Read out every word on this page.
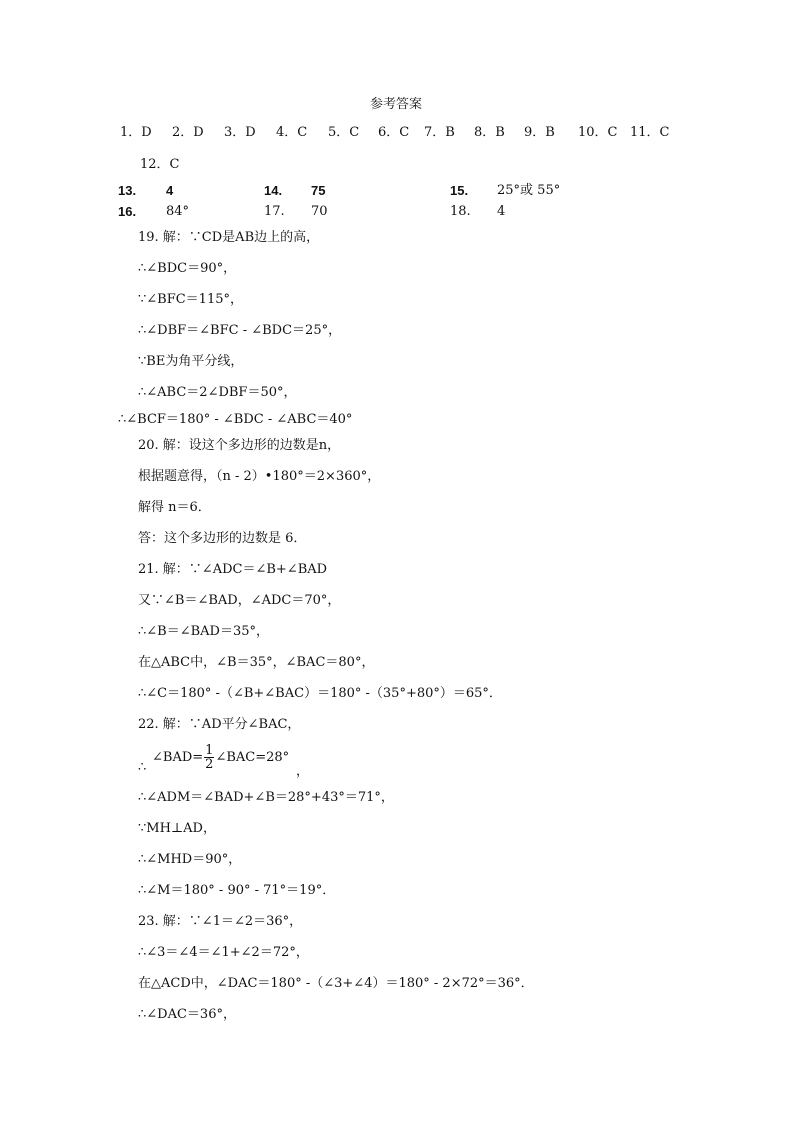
参考答案
1．D 2．D 3．D 4．C 5．C 6．C 7．B 8．B 9．B 10．C 11．C
12．C
13. 4	14. 75	15. 25°或 55°
16. 84°	17. 70	18. 4
19. 解：∵CD是AB边上的高，
∴∠BDC＝90°，
∵∠BFC＝115°，
∴∠DBF＝∠BFC - ∠BDC＝25°，
∵BE为角平分线，
∴∠ABC＝2∠DBF＝50°，
∴∠BCF＝180° - ∠BDC - ∠ABC＝40°
20. 解：设这个多边形的边数是n，
根据题意得，（n - 2）•180°＝2×360°，
解得 n＝6．
答：这个多边形的边数是 6．
21. 解：∵∠ADC＝∠B+∠BAD
又∵∠B＝∠BAD，∠ADC＝70°，
∴∠B＝∠BAD＝35°，
在△ABC中，∠B＝35°，∠BAC＝80°，
∴∠C＝180° -（∠B+∠BAC）＝180° -（35°+80°）＝65°．
22. 解：∵AD平分∠BAC，
∴
∠BAD= $\frac{1}{2}$ ∠BAC=28°
，
∴∠ADM＝∠BAD+∠B＝28°+43°＝71°，
∵MH⊥AD，
∴∠MHD＝90°，
∴∠M＝180° - 90° - 71°＝19°．
23. 解：∵∠1＝∠2＝36°，
∴∠3＝∠4＝∠1+∠2＝72°，
在△ACD中，∠DAC＝180° -（∠3+∠4）＝180° - 2×72°＝36°．
∴∠DAC＝36°，
